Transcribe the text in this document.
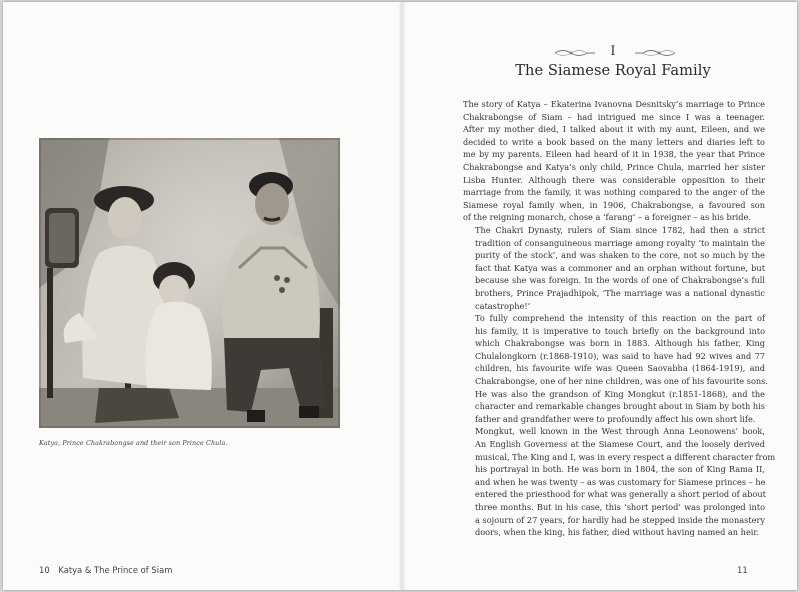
Katya, Prince Chakrabongse and their son Prince Chula.
10 Katya & The Prince of Siam
I
The Siamese Royal Family

The story of Katya – Ekaterina Ivanovna Desnitsky’s marriage to Prince
Chakrabongse of Siam – had intrigued me since I was a teenager.
After my mother died, I talked about it with my aunt, Eileen, and we
decided to write a book based on the many letters and diaries left to
me by my parents. Eileen had heard of it in 1938, the year that Prince
Chakrabongse and Katya’s only child, Prince Chula, married her sister
Lisba Hunter. Although there was considerable opposition to their
marriage from the family, it was nothing compared to the anger of the
Siamese royal family when, in 1906, Chakrabongse, a favoured son
of the reigning monarch, chose a ‘farang’ – a foreigner – as his bride.

The Chakri Dynasty, rulers of Siam since 1782, had then a strict
tradition of consanguineous marriage among royalty ‘to maintain the
purity of the stock’, and was shaken to the core, not so much by the
fact that Katya was a commoner and an orphan without fortune, but
because she was foreign. In the words of one of Chakrabongse’s full
brothers, Prince Prajadhipok, ‘The marriage was a national dynastic
catastrophe!’

To fully comprehend the intensity of this reaction on the part of
his family, it is imperative to touch briefly on the background into
which Chakrabongse was born in 1883. Although his father, King
Chulalongkorn (r.1868-1910), was said to have had 92 wives and 77
children, his favourite wife was Queen Saovabha (1864-1919), and
Chakrabongse, one of her nine children, was one of his favourite sons.
He was also the grandson of King Mongkut (r.1851-1868), and the
character and remarkable changes brought about in Siam by both his
father and grandfather were to profoundly affect his own short life.

Mongkut, well known in the West through Anna Leonowens’ book,
An English Governess at the Siamese Court, and the loosely derived
musical, The King and I, was in every respect a different character from
his portrayal in both. He was born in 1804, the son of King Rama II,
and when he was twenty – as was customary for Siamese princes – he
entered the priesthood for what was generally a short period of about
three months. But in his case, this ‘short period’ was prolonged into
a sojourn of 27 years, for hardly had he stepped inside the monastery
doors, when the king, his father, died without having named an heir.

11
